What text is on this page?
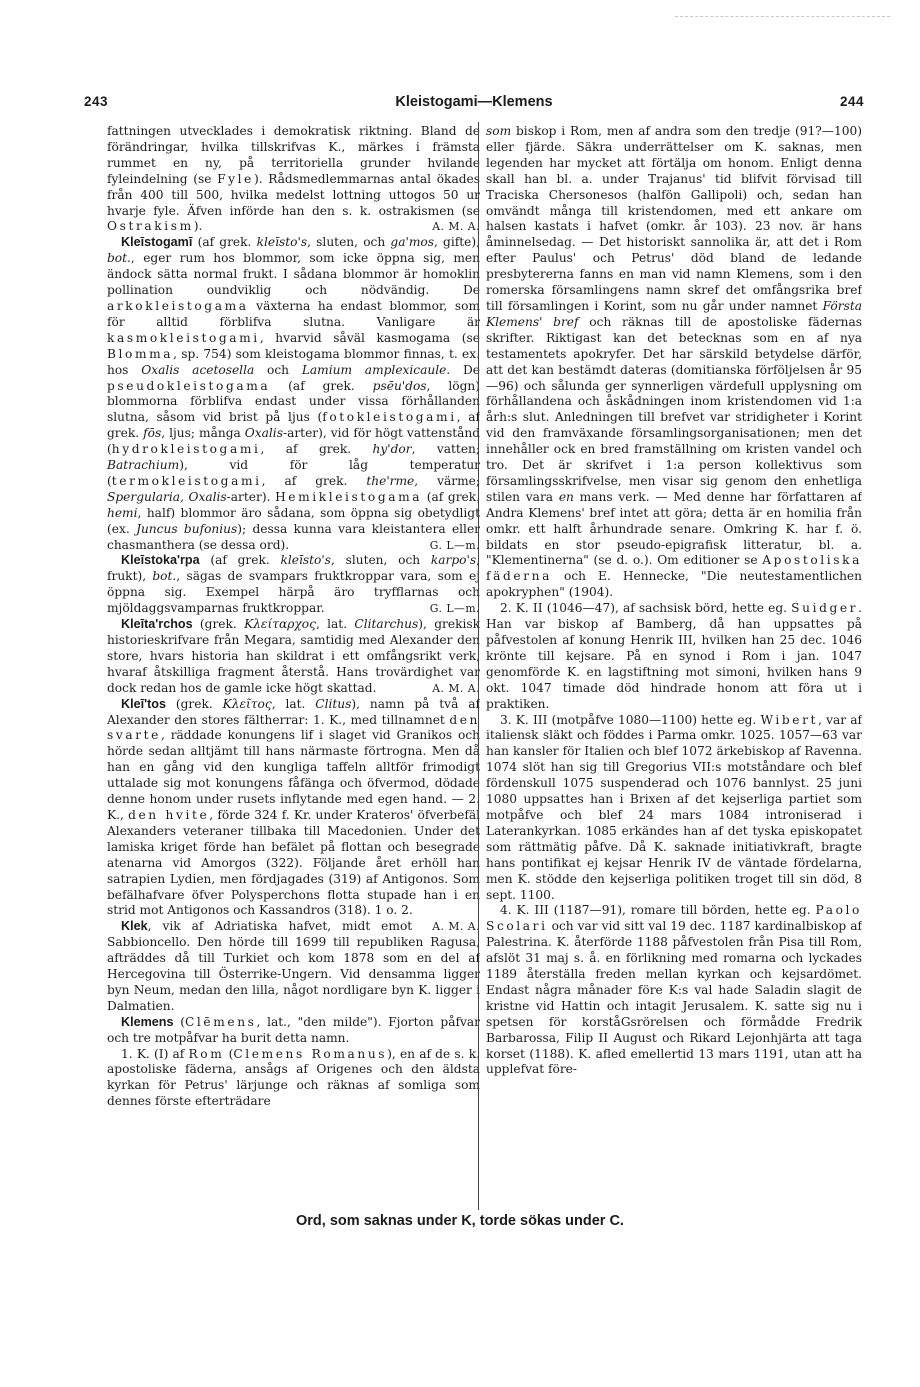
243	Kleistogami—Klemens	244

fattningen utvecklades i demokratisk riktning. Bland de förändringar, hvilka tillskrifvas K., märkes i främsta rummet en ny, på territoriella grunder hvilande fyleindelning (se Fyle). Rådsmedlemmarnas antal ökades från 400 till 500, hvilka medelst lottning uttogos 50 ur hvarje fyle. Äfven införde han den s. k. ostrakismen (se Ostrakism).	A. M. A.

Kleīstogamī (af grek. kleīsto's, sluten, och ga'mos, gifte), bot., eger rum hos blommor, som icke öppna sig, men ändock sätta normal frukt. I sådana blommor är homoklin pollination oundviklig och nödvändig. De arkokleistogama växterna ha endast blommor, som för alltid förblifva slutna. Vanligare är kasmokleistogami, hvarvid såväl kasmogama (se Blomma, sp. 754) som kleistogama blommor finnas, t. ex. hos Oxalis acetosella och Lamium amplexicaule. De pseudokleistogama (af grek. psēu'dos, lögn) blommorna förblifva endast under vissa förhållanden slutna, såsom vid brist på ljus (fotokleistogami, af grek. fōs, ljus; många Oxalis-arter), vid för högt vattenstånd (hydrokleistogami, af grek. hy'dor, vatten; Batrachium), vid för låg temperatur (termokleistogami, af grek. the'rme, värme; Spergularia, Oxalis-arter). Hemikleistogama (af grek. hemi, half) blommor äro sådana, som öppna sig obetydligt (ex. Juncus bufonius); dessa kunna vara kleistantera eller chasmanthera (se dessa ord).	G. L—m.

Kleīstoka'rpa (af grek. kleīsto's, sluten, och karpo's, frukt), bot., sägas de svampars fruktkroppar vara, som ej öppna sig. Exempel härpå äro tryfflarnas och mjöldaggsvamparnas fruktkroppar.	G. L—m.

Kleīta'rchos (grek. Κλείταρχος, lat. Clitarchus), grekisk historieskrifvare från Megara, samtidig med Alexander den store, hvars historia han skildrat i ett omfångsrikt verk, hvaraf åtskilliga fragment återstå. Hans trovärdighet var dock redan hos de gamle icke högt skattad.	A. M. A.

Kleī'tos (grek. Κλεῖτος, lat. Clitus), namn på två af Alexander den stores fältherrar: 1. K., med tillnamnet den svarte, räddade konungens lif i slaget vid Granikos och hörde sedan alltjämt till hans närmaste förtrogna. Men då han en gång vid den kungliga taffeln alltför frimodigt uttalade sig mot konungens fåfänga och öfvermod, dödade denne honom under rusets inflytande med egen hand. — 2. K., den hvite, förde 324 f. Kr. under Krateros' öfverbefäl Alexanders veteraner tillbaka till Macedonien. Under det lamiska kriget förde han befälet på flottan och besegrade atenarna vid Amorgos (322). Följande året erhöll han satrapien Lydien, men fördjagades (319) af Antigonos. Som befälhafvare öfver Polysperchons flotta stupade han i en strid mot Antigonos och Kassandros (318). 1 o. 2.
A. M. A.

Klek, vik af Adriatiska hafvet, midt emot Sabbioncello. Den hörde till 1699 till republiken Ragusa, afträddes då till Turkiet och kom 1878 som en del af Hercegovina till Österrike-Ungern. Vid densamma ligger byn Neum, medan den lilla, något nordligare byn K. ligger i Dalmatien.

Klemens (Clēmens, lat., "den milde"). Fjorton påfvar och tre motpåfvar ha burit detta namn.

1. K. (I) af Rom (Clemens Romanus), en af de s. k. apostoliske fäderna, ansågs af Origenes och den äldsta kyrkan för Petrus' lärjunge och räknas af somliga som dennes förste efterträdare

som biskop i Rom, men af andra som den tredje (91?—100) eller fjärde. Säkra underrättelser om K. saknas, men legenden har mycket att förtälja om honom. Enligt denna skall han bl. a. under Trajanus' tid blifvit förvisad till Traciska Chersonesos (halfön Gallipoli) och, sedan han omvändt många till kristendomen, med ett ankare om halsen kastats i hafvet (omkr. år 103). 23 nov. är hans åminnelsedag. — Det historiskt sannolika är, att det i Rom efter Paulus' och Petrus' död bland de ledande presbytererna fanns en man vid namn Klemens, som i den romerska församlingens namn skref det omfångsrika bref till församlingen i Korint, som nu går under namnet Första Klemens' bref och räknas till de apostoliske fädernas skrifter. Riktigast kan det betecknas som en af nya testamentets apokryfer. Det har särskild betydelse därför, att det kan bestämdt dateras (domitianska förföljelsen år 95—96) och sålunda ger synnerligen värdefull upplysning om förhållandena och åskådningen inom kristendomen vid 1:a årh:s slut. Anledningen till brefvet var stridigheter i Korint vid den framväxande församlingsorganisationen; men det innehåller ock en bred framställning om kristen vandel och tro. Det är skrifvet i 1:a person kollektivus som församlingsskrifvelse, men visar sig genom den enhetliga stilen vara en mans verk. — Med denne har författaren af Andra Klemens' bref intet att göra; detta är en homilia från omkr. ett halft århundrade senare. Omkring K. har f. ö. bildats en stor pseudo-epigrafisk litteratur, bl. a. "Klementinerna" (se d. o.). Om editioner se Apostoliska fäderna och E. Hennecke, "Die neutestamentlichen apokryphen" (1904).

2. K. II (1046—47), af sachsisk börd, hette eg. Suidger. Han var biskop af Bamberg, då han uppsattes på påfvestolen af konung Henrik III, hvilken han 25 dec. 1046 krönte till kejsare. På en synod i Rom i jan. 1047 genomförde K. en lagstiftning mot simoni, hvilken hans 9 okt. 1047 timade död hindrade honom att föra ut i praktiken.

3. K. III (motpåfve 1080—1100) hette eg. Wibert, var af italiensk släkt och föddes i Parma omkr. 1025. 1057—63 var han kansler för Italien och blef 1072 ärkebiskop af Ravenna. 1074 slöt han sig till Gregorius VII:s motståndare och blef fördenskull 1075 suspenderad och 1076 bannlyst. 25 juni 1080 uppsattes han i Brixen af det kejserliga partiet som motpåfve och blef 24 mars 1084 introniserad i Laterankyrkan. 1085 erkändes han af det tyska episkopatet som rättmätig påfve. Då K. saknade initiativkraft, bragte hans pontifikat ej kejsar Henrik IV de väntade fördelarna, men K. stödde den kejserliga politiken troget till sin död, 8 sept. 1100.

4. K. III (1187—91), romare till börden, hette eg. Paolo Scolari och var vid sitt val 19 dec. 1187 kardinalbiskop af Palestrina. K. återförde 1188 påfvestolen från Pisa till Rom, afslöt 31 maj s. å. en förlikning med romarna och lyckades 1189 återställa freden mellan kyrkan och kejsardömet. Endast några månader före K:s val hade Saladin slagit de kristne vid Hattin och intagit Jerusalem. K. satte sig nu i spetsen för korståGsrörelsen och förmådde Fredrik Barbarossa, Filip II August och Rikard Lejonhjärta att taga korset (1188). K. afled emellertid 13 mars 1191, utan att ha upplefvat före-

Ord, som saknas under K, torde sökas under C.
